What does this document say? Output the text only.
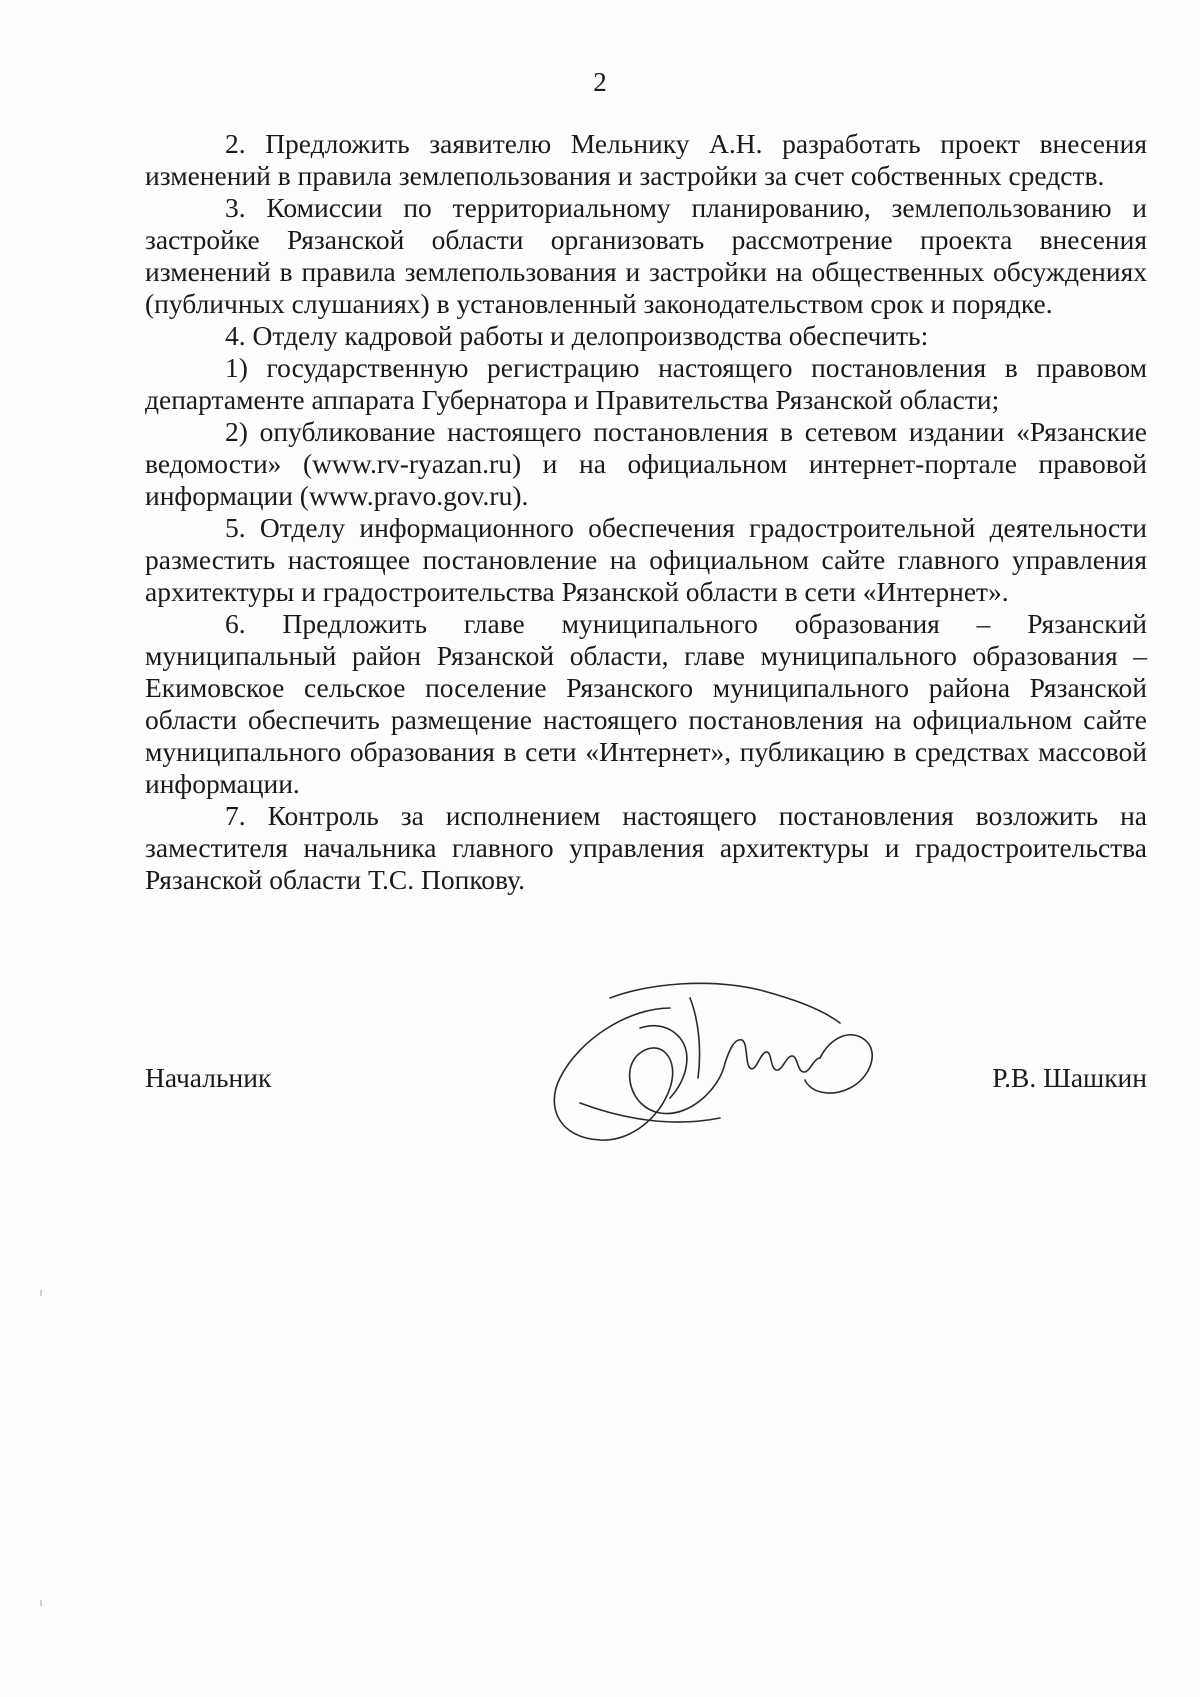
2

2. Предложить заявителю Мельнику А.Н. разработать проект внесения изменений в правила землепользования и застройки за счет собственных средств.

3. Комиссии по территориальному планированию, землепользованию и застройке Рязанской области организовать рассмотрение проекта внесения изменений в правила землепользования и застройки на общественных обсуждениях (публичных слушаниях) в установленный законодательством срок и порядке.

4. Отделу кадровой работы и делопроизводства обеспечить:

1) государственную регистрацию настоящего постановления в правовом департаменте аппарата Губернатора и Правительства Рязанской области;

2) опубликование настоящего постановления в сетевом издании «Рязанские ведомости» (www.rv-ryazan.ru) и на официальном интернет-портале правовой информации (www.pravo.gov.ru).

5. Отделу информационного обеспечения градостроительной деятельности разместить настоящее постановление на официальном сайте главного управления архитектуры и градостроительства Рязанской области в сети «Интернет».

6. Предложить главе муниципального образования – Рязанский муниципальный район Рязанской области, главе муниципального образования – Екимовское сельское поселение Рязанского муниципального района Рязанской области обеспечить размещение настоящего постановления на официальном сайте муниципального образования в сети «Интернет», публикацию в средствах массовой информации.

7. Контроль за исполнением настоящего постановления возложить на заместителя начальника главного управления архитектуры и градостроительства Рязанской области Т.С. Попкову.

Начальник	Р.В. Шашкин
